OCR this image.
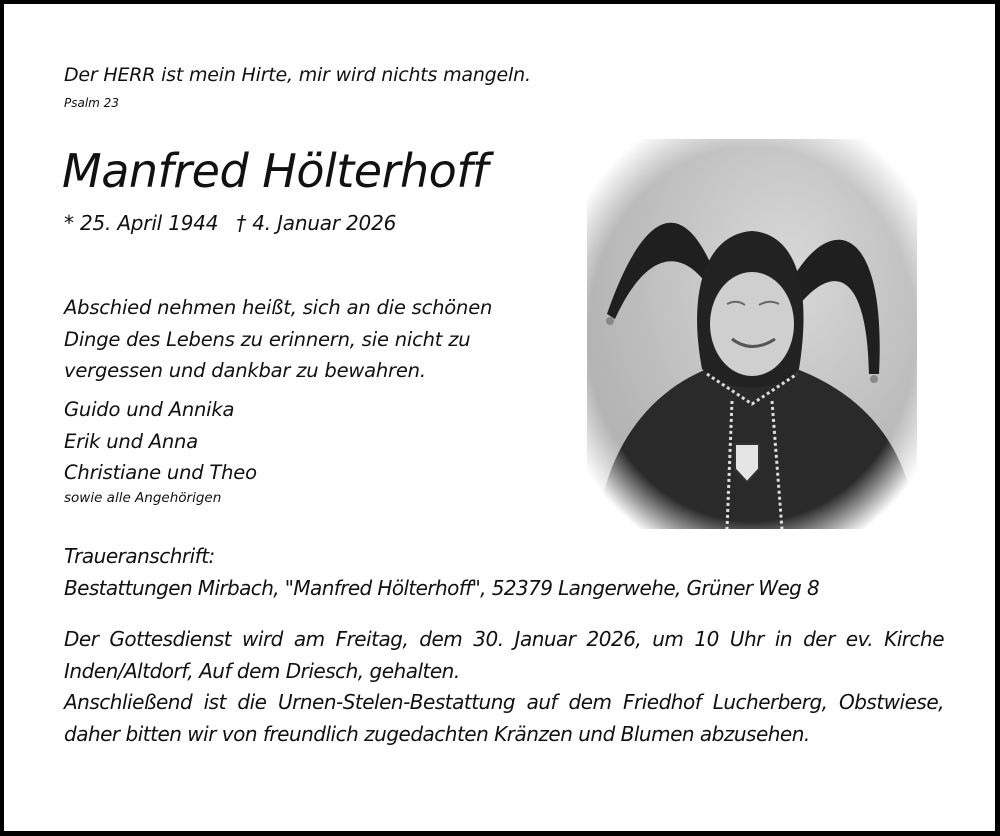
Der HERR ist mein Hirte, mir wird nichts mangeln.
Psalm 23
Manfred Hölterhoff
* 25. April 1944 † 4. Januar 2026
Abschied nehmen heißt, sich an die schönen
Dinge des Lebens zu erinnern, sie nicht zu
vergessen und dankbar zu bewahren.
Guido und Annika
Erik und Anna
Christiane und Theo
sowie alle Angehörigen
Traueranschrift:
Bestattungen Mirbach, "Manfred Hölterhoff", 52379 Langerwehe, Grüner Weg 8

Der Gottesdienst wird am Freitag, dem 30. Januar 2026, um 10 Uhr in der ev. Kirche Inden/Altdorf, Auf dem Driesch, gehalten.

Anschließend ist die Urnen-Stelen-Bestattung auf dem Friedhof Lucherberg, Obstwiese, daher bitten wir von freundlich zugedachten Kränzen und Blumen abzusehen.
